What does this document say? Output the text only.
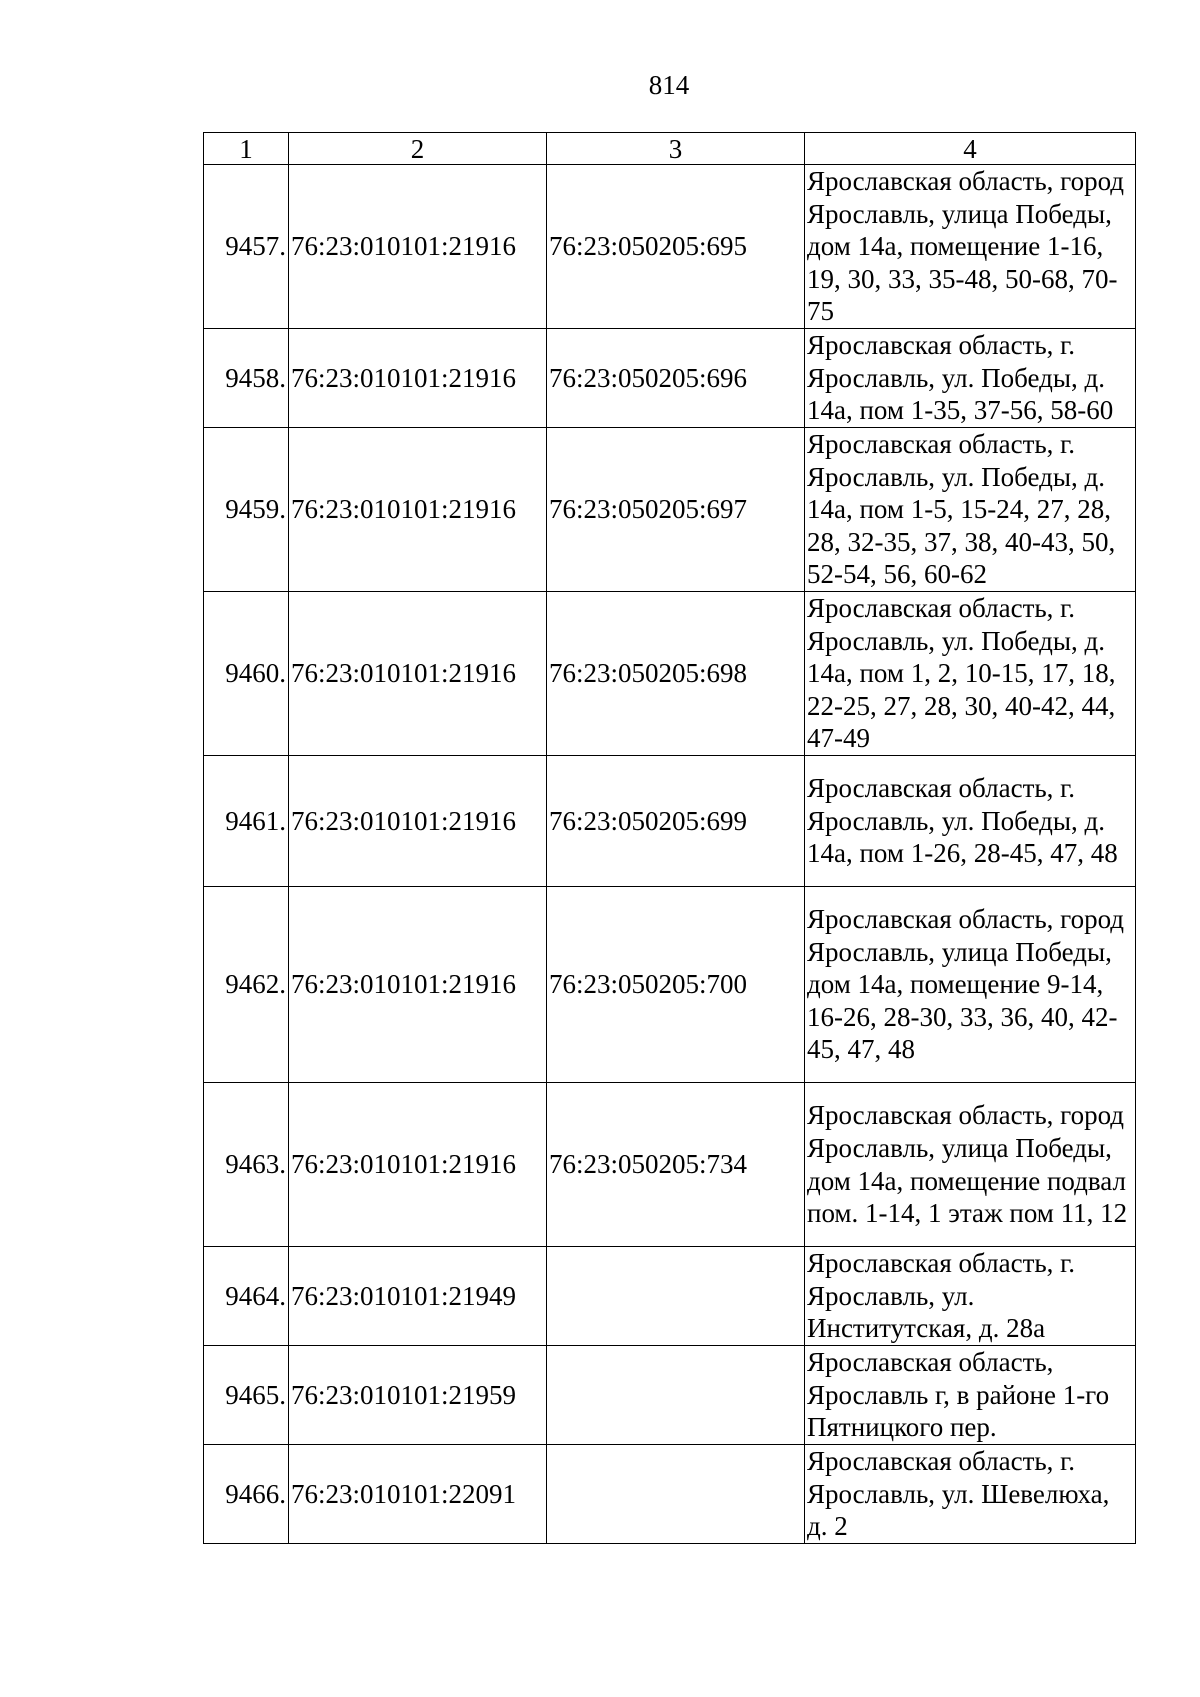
814
1	2	3	4
9457.	76:23:010101:21916	76:23:050205:695	Ярославская область, город Ярославль, улица Победы, дом 14а, помещение 1-16, 19, 30, 33, 35-48, 50-68, 70-75
9458.	76:23:010101:21916	76:23:050205:696	Ярославская область, г. Ярославль, ул. Победы, д. 14а, пом 1-35, 37-56, 58-60
9459.	76:23:010101:21916	76:23:050205:697	Ярославская область, г. Ярославль, ул. Победы, д. 14а, пом 1-5, 15-24, 27, 28, 28, 32-35, 37, 38, 40-43, 50, 52-54, 56, 60-62
9460.	76:23:010101:21916	76:23:050205:698	Ярославская область, г. Ярославль, ул. Победы, д. 14а, пом 1, 2, 10-15, 17, 18, 22-25, 27, 28, 30, 40-42, 44, 47-49
9461.	76:23:010101:21916	76:23:050205:699	Ярославская область, г. Ярославль, ул. Победы, д. 14а, пом 1-26, 28-45, 47, 48
9462.	76:23:010101:21916	76:23:050205:700	Ярославская область, город Ярославль, улица Победы, дом 14а, помещение 9-14, 16-26, 28-30, 33, 36, 40, 42-45, 47, 48
9463.	76:23:010101:21916	76:23:050205:734	Ярославская область, город Ярославль, улица Победы, дом 14а, помещение подвал пом. 1-14, 1 этаж пом 11, 12
9464.	76:23:010101:21949		Ярославская область, г. Ярославль, ул. Институтская, д. 28а
9465.	76:23:010101:21959		Ярославская область, Ярославль г, в районе 1-го Пятницкого пер.
9466.	76:23:010101:22091		Ярославская область, г. Ярославль, ул. Шевелюха, д. 2
